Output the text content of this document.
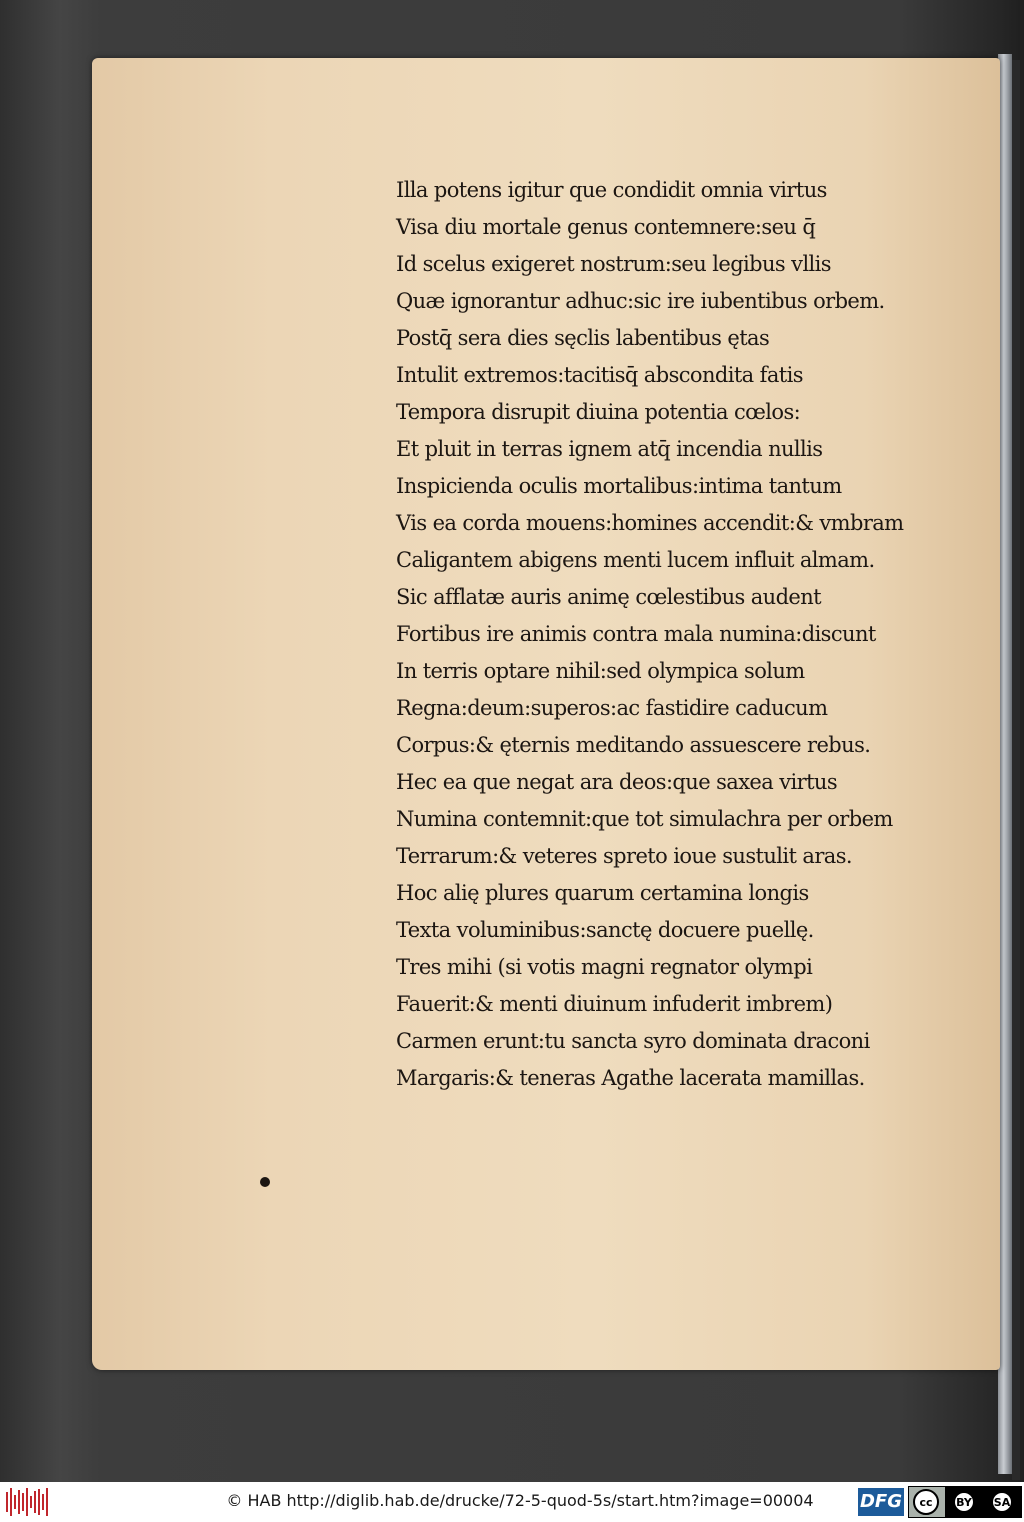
Illa potens igitur que condidit omnia virtus
Visa diu mortale genus contemnere:seu q̄
Id scelus exigeret nostrum:seu legibus vllis
Quæ ignorantur adhuc:sic ire iubentibus orbem.
Postq̄ sera dies sęclis labentibus ętas
Intulit extremos:tacitisq̄ abscondita fatis
Tempora disrupit diuina potentia cœlos:
Et pluit in terras ignem atq̄ incendia nullis
Inspicienda oculis mortalibus:intima tantum
Vis ea corda mouens:homines accendit:& vmbram
Caligantem abigens menti lucem influit almam.
Sic afflatæ auris animę cœlestibus audent
Fortibus ire animis contra mala numina:discunt
In terris optare nihil:sed olympica solum
Regna:deum:superos:ac fastidire caducum
Corpus:& ęternis meditando assuescere rebus.
Hec ea que negat ara deos:que saxea virtus
Numina contemnit:que tot simulachra per orbem
Terrarum:& veteres spreto ioue sustulit aras.
Hoc alię plures quarum certamina longis
Texta voluminibus:sanctę docuere puellę.
Tres mihi (si votis magni regnator olympi
Fauerit:& menti diuinum infuderit imbrem)
Carmen erunt:tu sancta syro dominata draconi
Margaris:& teneras Agathe lacerata mamillas.
© HAB http://diglib.hab.de/drucke/72-5-quod-5s/start.htm?image=00004	DFG	cc	BY SA
